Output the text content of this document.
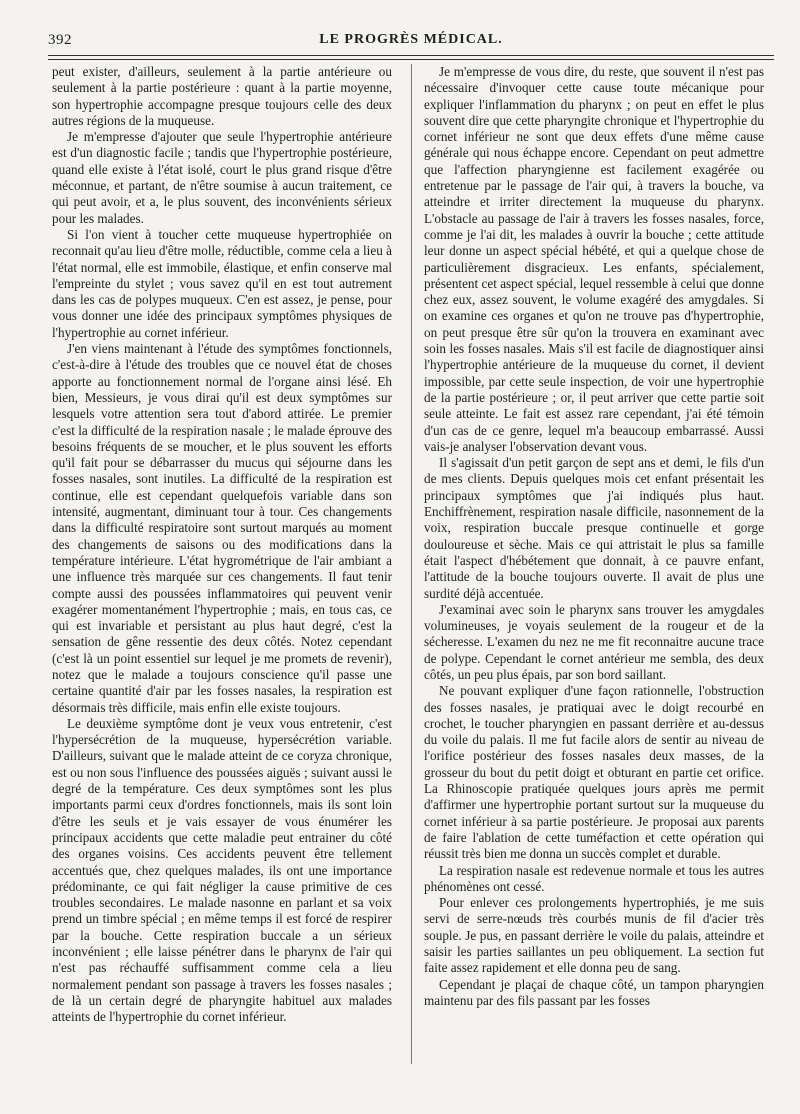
392	LE PROGRÈS MÉDICAL.

peut exister, d'ailleurs, seulement à la partie antérieure ou seulement à la partie postérieure : quant à la partie moyenne, son hypertrophie accompagne presque toujours celle des deux autres régions de la muqueuse.

Je m'empresse d'ajouter que seule l'hypertrophie antérieure est d'un diagnostic facile ; tandis que l'hypertrophie postérieure, quand elle existe à l'état isolé, court le plus grand risque d'être méconnue, et partant, de n'être soumise à aucun traitement, ce qui peut avoir, et a, le plus souvent, des inconvénients sérieux pour les malades.

Si l'on vient à toucher cette muqueuse hypertrophiée on reconnait qu'au lieu d'être molle, réductible, comme cela a lieu à l'état normal, elle est immobile, élastique, et enfin conserve mal l'empreinte du stylet ; vous savez qu'il en est tout autrement dans les cas de polypes muqueux. C'en est assez, je pense, pour vous donner une idée des principaux symptômes physiques de l'hypertrophie au cornet inférieur.

J'en viens maintenant à l'étude des symptômes fonctionnels, c'est-à-dire à l'étude des troubles que ce nouvel état de choses apporte au fonctionnement normal de l'organe ainsi lésé. Eh bien, Messieurs, je vous dirai qu'il est deux symptômes sur lesquels votre attention sera tout d'abord attirée. Le premier c'est la difficulté de la respiration nasale ; le malade éprouve des besoins fréquents de se moucher, et le plus souvent les efforts qu'il fait pour se débarrasser du mucus qui séjourne dans les fosses nasales, sont inutiles. La difficulté de la respiration est continue, elle est cependant quelquefois variable dans son intensité, augmentant, diminuant tour à tour. Ces changements dans la difficulté respiratoire sont surtout marqués au moment des changements de saisons ou des modifications dans la température intérieure. L'état hygrométrique de l'air ambiant a une influence très marquée sur ces changements. Il faut tenir compte aussi des poussées inflammatoires qui peuvent venir exagérer momentanément l'hypertrophie ; mais, en tous cas, ce qui est invariable et persistant au plus haut degré, c'est la sensation de gêne ressentie des deux côtés. Notez cependant (c'est là un point essentiel sur lequel je me promets de revenir), notez que le malade a toujours conscience qu'il passe une certaine quantité d'air par les fosses nasales, la respiration est désormais très difficile, mais enfin elle existe toujours.

Le deuxième symptôme dont je veux vous entretenir, c'est l'hypersécrétion de la muqueuse, hypersécrétion variable. D'ailleurs, suivant que le malade atteint de ce coryza chronique, est ou non sous l'influence des poussées aiguës ; suivant aussi le degré de la température. Ces deux symptômes sont les plus importants parmi ceux d'ordres fonctionnels, mais ils sont loin d'être les seuls et je vais essayer de vous énumérer les principaux accidents que cette maladie peut entrainer du côté des organes voisins. Ces accidents peuvent être tellement accentués que, chez quelques malades, ils ont une importance prédominante, ce qui fait négliger la cause primitive de ces troubles secondaires. Le malade nasonne en parlant et sa voix prend un timbre spécial ; en même temps il est forcé de respirer par la bouche. Cette respiration buccale a un sérieux inconvénient ; elle laisse pénétrer dans le pharynx de l'air qui n'est pas réchauffé suffisamment comme cela a lieu normalement pendant son passage à travers les fosses nasales ; de là un certain degré de pharyngite habituel aux malades atteints de l'hypertrophie du cornet inférieur.

Je m'empresse de vous dire, du reste, que souvent il n'est pas nécessaire d'invoquer cette cause toute mécanique pour expliquer l'inflammation du pharynx ; on peut en effet le plus souvent dire que cette pharyngite chronique et l'hypertrophie du cornet inférieur ne sont que deux effets d'une même cause générale qui nous échappe encore. Cependant on peut admettre que l'affection pharyngienne est facilement exagérée ou entretenue par le passage de l'air qui, à travers la bouche, va atteindre et irriter directement la muqueuse du pharynx. L'obstacle au passage de l'air à travers les fosses nasales, force, comme je l'ai dit, les malades à ouvrir la bouche ; cette attitude leur donne un aspect spécial hébété, et qui a quelque chose de particulièrement disgracieux. Les enfants, spécialement, présentent cet aspect spécial, lequel ressemble à celui que donne chez eux, assez souvent, le volume exagéré des amygdales. Si on examine ces organes et qu'on ne trouve pas d'hypertrophie, on peut presque être sûr qu'on la trouvera en examinant avec soin les fosses nasales. Mais s'il est facile de diagnostiquer ainsi l'hypertrophie antérieure de la muqueuse du cornet, il devient impossible, par cette seule inspection, de voir une hypertrophie de la partie postérieure ; or, il peut arriver que cette partie soit seule atteinte. Le fait est assez rare cependant, j'ai été témoin d'un cas de ce genre, lequel m'a beaucoup embarrassé. Aussi vais-je analyser l'observation devant vous.

Il s'agissait d'un petit garçon de sept ans et demi, le fils d'un de mes clients. Depuis quelques mois cet enfant présentait les principaux symptômes que j'ai indiqués plus haut. Enchiffrènement, respiration nasale difficile, nasonnement de la voix, respiration buccale presque continuelle et gorge douloureuse et sèche. Mais ce qui attristait le plus sa famille était l'aspect d'hébétement que donnait, à ce pauvre enfant, l'attitude de la bouche toujours ouverte. Il avait de plus une surdité déjà accentuée.

J'examinai avec soin le pharynx sans trouver les amygdales volumineuses, je voyais seulement de la rougeur et de la sécheresse. L'examen du nez ne me fit reconnaitre aucune trace de polype. Cependant le cornet antérieur me sembla, des deux côtés, un peu plus épais, par son bord saillant.

Ne pouvant expliquer d'une façon rationnelle, l'obstruction des fosses nasales, je pratiquai avec le doigt recourbé en crochet, le toucher pharyngien en passant derrière et au-dessus du voile du palais. Il me fut facile alors de sentir au niveau de l'orifice postérieur des fosses nasales deux masses, de la grosseur du bout du petit doigt et obturant en partie cet orifice. La Rhinoscopie pratiquée quelques jours après me permit d'affirmer une hypertrophie portant surtout sur la muqueuse du cornet inférieur à sa partie postérieure. Je proposai aux parents de faire l'ablation de cette tuméfaction et cette opération qui réussit très bien me donna un succès complet et durable.

La respiration nasale est redevenue normale et tous les autres phénomènes ont cessé.

Pour enlever ces prolongements hypertrophiés, je me suis servi de serre-nœuds très courbés munis de fil d'acier très souple. Je pus, en passant derrière le voile du palais, atteindre et saisir les parties saillantes un peu obliquement. La section fut faite assez rapidement et elle donna peu de sang.

Cependant je plaçai de chaque côté, un tampon pharyngien maintenu par des fils passant par les fosses
